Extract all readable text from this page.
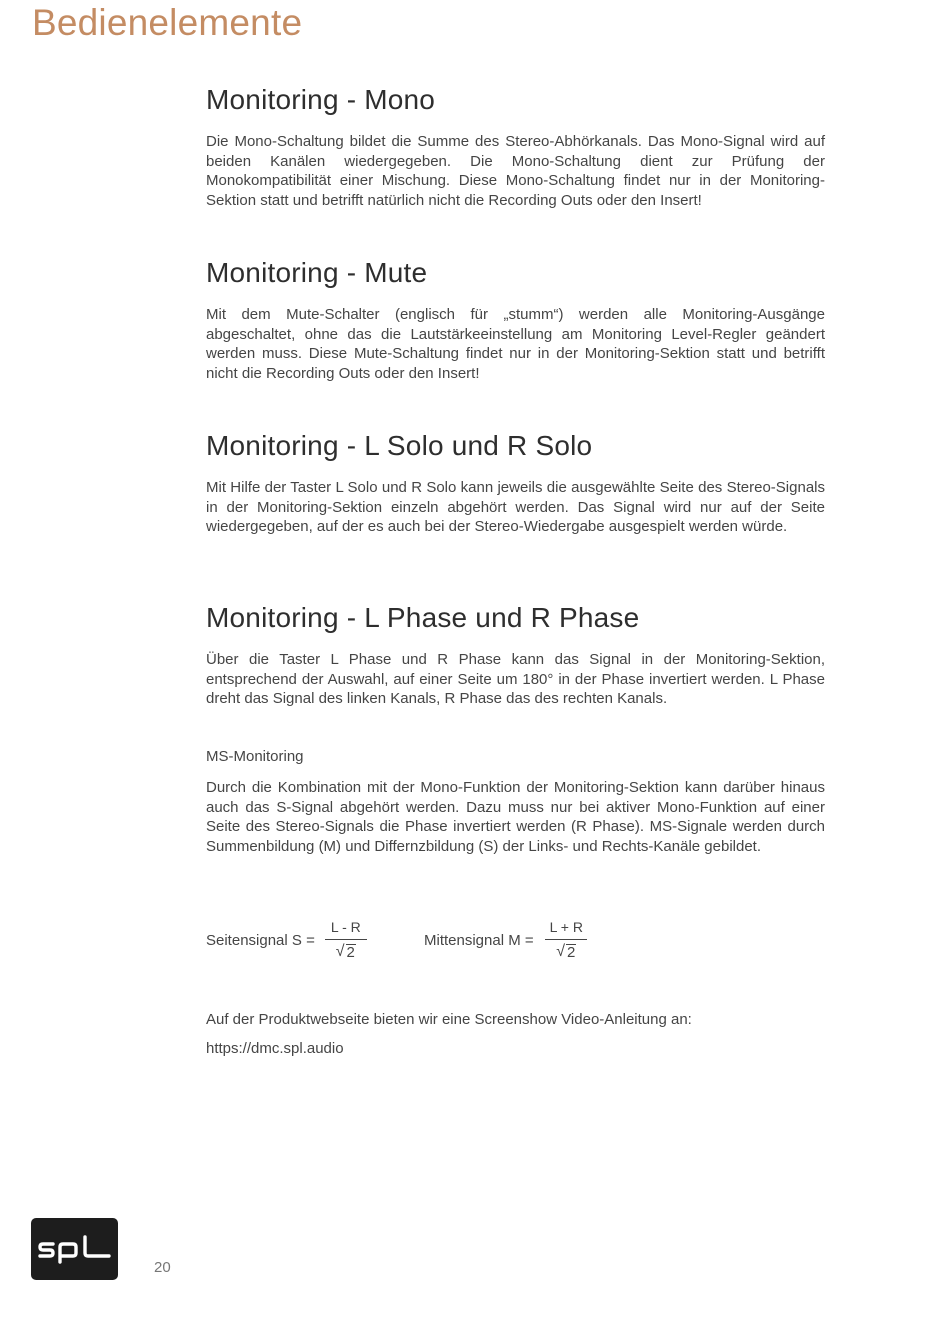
Bedienelemente
Monitoring - Mono

Die Mono-Schaltung bildet die Summe des Stereo-Abhörkanals. Das Mono-Signal wird auf beiden Kanälen wiedergegeben. Die Mono-Schaltung dient zur Prüfung der Monokompatibilität einer Mischung. Diese Mono-Schaltung findet nur in der Monitoring-Sektion statt und betrifft natürlich nicht die Recording Outs oder den Insert!

Monitoring - Mute

Mit dem Mute-Schalter (englisch für „stumm“) werden alle Monitoring-Ausgänge abgeschaltet, ohne das die Lautstärkeeinstellung am Monitoring Level-Regler geändert werden muss. Diese Mute-Schaltung findet nur in der Monitoring-Sektion statt und betrifft nicht die Recording Outs oder den Insert!

Monitoring - L Solo und R Solo

Mit Hilfe der Taster L Solo und R Solo kann jeweils die ausgewählte Seite des Stereo-Signals in der Monitoring-Sektion einzeln abgehört werden. Das Signal wird nur auf der Seite wiedergegeben, auf der es auch bei der Stereo-Wiedergabe ausgespielt werden würde.

Monitoring - L Phase und R Phase

Über die Taster L Phase und R Phase kann das Signal in der Monitoring-Sektion, entsprechend der Auswahl, auf einer Seite um 180° in der Phase invertiert werden. L Phase dreht das Signal des linken Kanals, R Phase das des rechten Kanals.

MS-Monitoring

Durch die Kombination mit der Mono-Funktion der Monitoring-Sektion kann darüber hinaus auch das S-Signal abgehört werden. Dazu muss nur bei aktiver Mono-Funktion auf einer Seite des Stereo-Signals die Phase invertiert werden (R Phase). MS-Signale werden durch Summenbildung (M) und Differnzbildung (S) der Links- und Rechts-Kanäle gebildet.

Seitensignal $S = \frac{L - R}{√ 2}$	Mittensignal $M = \frac{L + R}{√ 2}$
Auf der Produktwebseite bieten wir eine Screenshow Video-Anleitung an:
https://dmc.spl.audio
20
